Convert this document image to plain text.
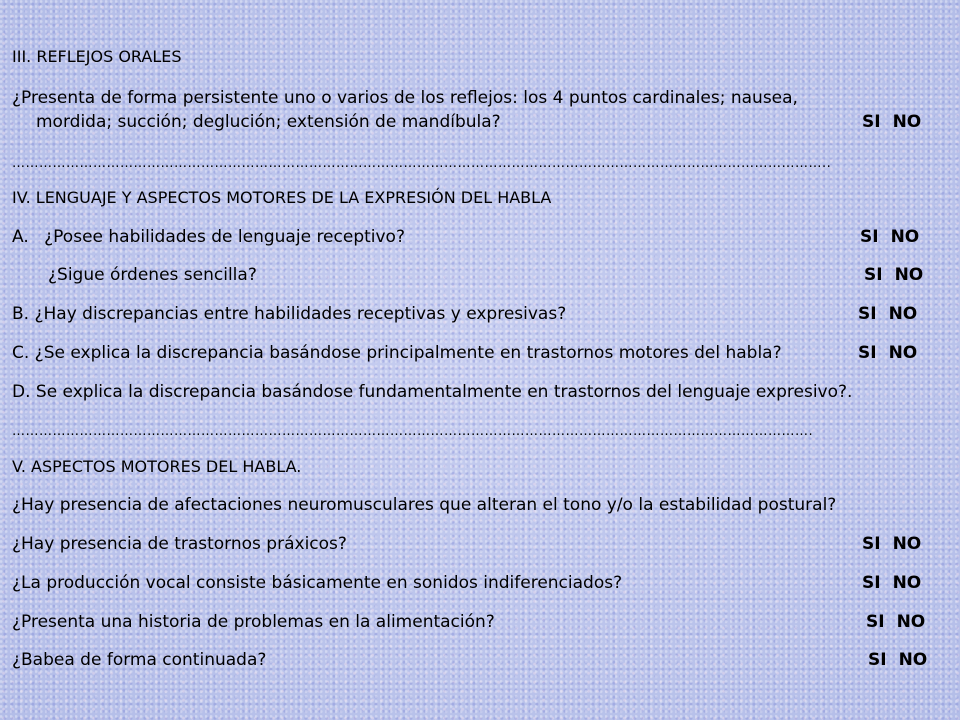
III. REFLEJOS ORALES
¿Presenta de forma persistente uno o varios de los reflejos: los 4 puntos cardinales; nausea,
mordida; succión; deglución; extensión de mandíbula?	SI NO
………………………………………………………………………………………………………………………………………………………………..
IV. LENGUAJE Y ASPECTOS MOTORES DE LA EXPRESIÓN DEL HABLA
A. ¿Posee habilidades de lenguaje receptivo?	SI NO
¿Sigue órdenes sencilla?	SI NO
B. ¿Hay discrepancias entre habilidades receptivas y expresivas?	SI NO
C. ¿Se explica la discrepancia basándose principalmente en trastornos motores del habla?	SI NO
D. Se explica la discrepancia basándose fundamentalmente en trastornos del lenguaje expresivo?.
…………………………………………………………………………………………………………………………………………………………….
V. ASPECTOS MOTORES DEL HABLA.
¿Hay presencia de afectaciones neuromusculares que alteran el tono y/o la estabilidad postural?
¿Hay presencia de trastornos práxicos?	SI NO
¿La producción vocal consiste básicamente en sonidos indiferenciados?	SI NO
¿Presenta una historia de problemas en la alimentación?	SI NO
¿Babea de forma continuada?	SI NO
